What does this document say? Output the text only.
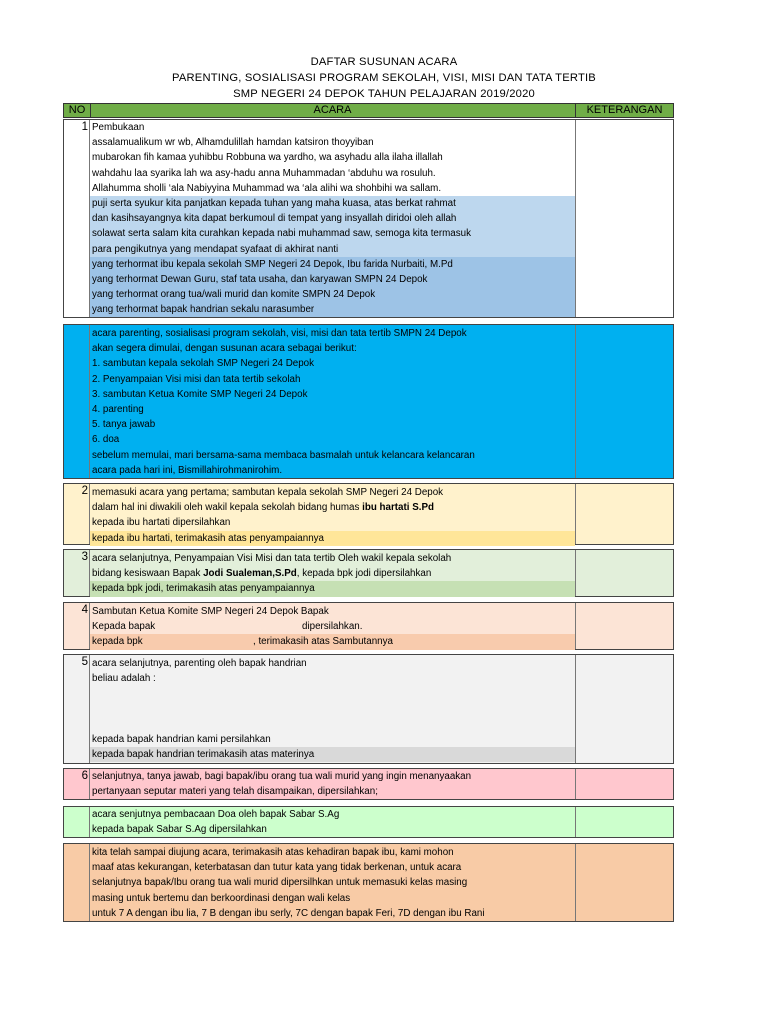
DAFTAR SUSUNAN ACARA
PARENTING, SOSIALISASI PROGRAM SEKOLAH, VISI, MISI DAN TATA TERTIB
SMP NEGERI 24 DEPOK TAHUN PELAJARAN 2019/2020
NO	ACARA	KETERANGAN
1 Pembukaan
assalamualikum wr wb, Alhamdulillah hamdan katsiron thoyyiban
mubarokan fih kamaa yuhibbu Robbuna wa yardho, wa asyhadu alla ilaha illallah
wahdahu laa syarika lah wa asy-hadu anna Muhammadan ‘abduhu wa rosuluh.
Allahumma sholli ‘ala Nabiyyina Muhammad wa ‘ala alihi wa shohbihi wa sallam.
puji serta syukur kita panjatkan kepada tuhan yang maha kuasa, atas berkat rahmat
dan kasihsayangnya kita dapat berkumoul di tempat yang insyallah diridoi oleh allah
solawat serta salam kita curahkan kepada nabi muhammad saw, semoga kita termasuk
para pengikutnya yang mendapat syafaat di akhirat nanti
yang terhormat ibu kepala sekolah SMP Negeri 24 Depok, Ibu farida Nurbaiti, M.Pd
yang terhormat Dewan Guru, staf tata usaha, dan karyawan SMPN 24 Depok
yang terhormat orang tua/wali murid dan komite SMPN 24 Depok
yang terhormat bapak handrian sekalu narasumber
acara parenting, sosialisasi program sekolah, visi, misi dan tata tertib SMPN 24 Depok
akan segera dimulai, dengan susunan acara sebagai berikut:
1. sambutan kepala sekolah SMP Negeri 24 Depok
2. Penyampaian Visi misi dan tata tertib sekolah
3. sambutan Ketua Komite SMP Negeri 24 Depok
4. parenting
5. tanya jawab
6. doa
sebelum memulai, mari bersama-sama membaca basmalah untuk kelancara kelancaran
acara pada hari ini, Bismillahirohmanirohim.
2 memasuki acara yang pertama; sambutan kepala sekolah SMP Negeri 24 Depok
dalam hal ini diwakili oleh wakil kepala sekolah bidang humas ibu hartati S.Pd
kepada ibu hartati dipersilahkan
kepada ibu hartati, terimakasih atas penyampaiannya
3 acara selanjutnya, Penyampaian Visi Misi dan tata tertib Oleh wakil kepala sekolah
bidang kesiswaan Bapak Jodi Sualeman,S.Pd, kepada bpk jodi dipersilahkan
kepada bpk jodi, terimakasih atas penyampaiannya
4 Sambutan Ketua Komite SMP Negeri 24 Depok Bapak
Kepada bapak	dipersilahkan.
kepada bpk	, terimakasih atas Sambutannya
5 acara selanjutnya, parenting oleh bapak handrian
beliau adalah :
kepada bapak handrian kami persilahkan
kepada bapak handrian terimakasih atas materinya
6 selanjutnya, tanya jawab, bagi bapak/ibu orang tua wali murid yang ingin menanyaakan
pertanyaan seputar materi yang telah disampaikan, dipersilahkan;
acara senjutnya pembacaan Doa oleh bapak Sabar S.Ag
kepada bapak Sabar S.Ag dipersilahkan
kita telah sampai diujung acara, terimakasih atas kehadiran bapak ibu, kami mohon
maaf atas kekurangan, keterbatasan dan tutur kata yang tidak berkenan, untuk acara
selanjutnya bapak/Ibu orang tua wali murid dipersilhkan untuk memasuki kelas masing
masing untuk bertemu dan berkoordinasi dengan wali kelas
untuk 7 A dengan ibu lia, 7 B dengan ibu serly, 7C dengan bapak Feri, 7D dengan ibu Rani
